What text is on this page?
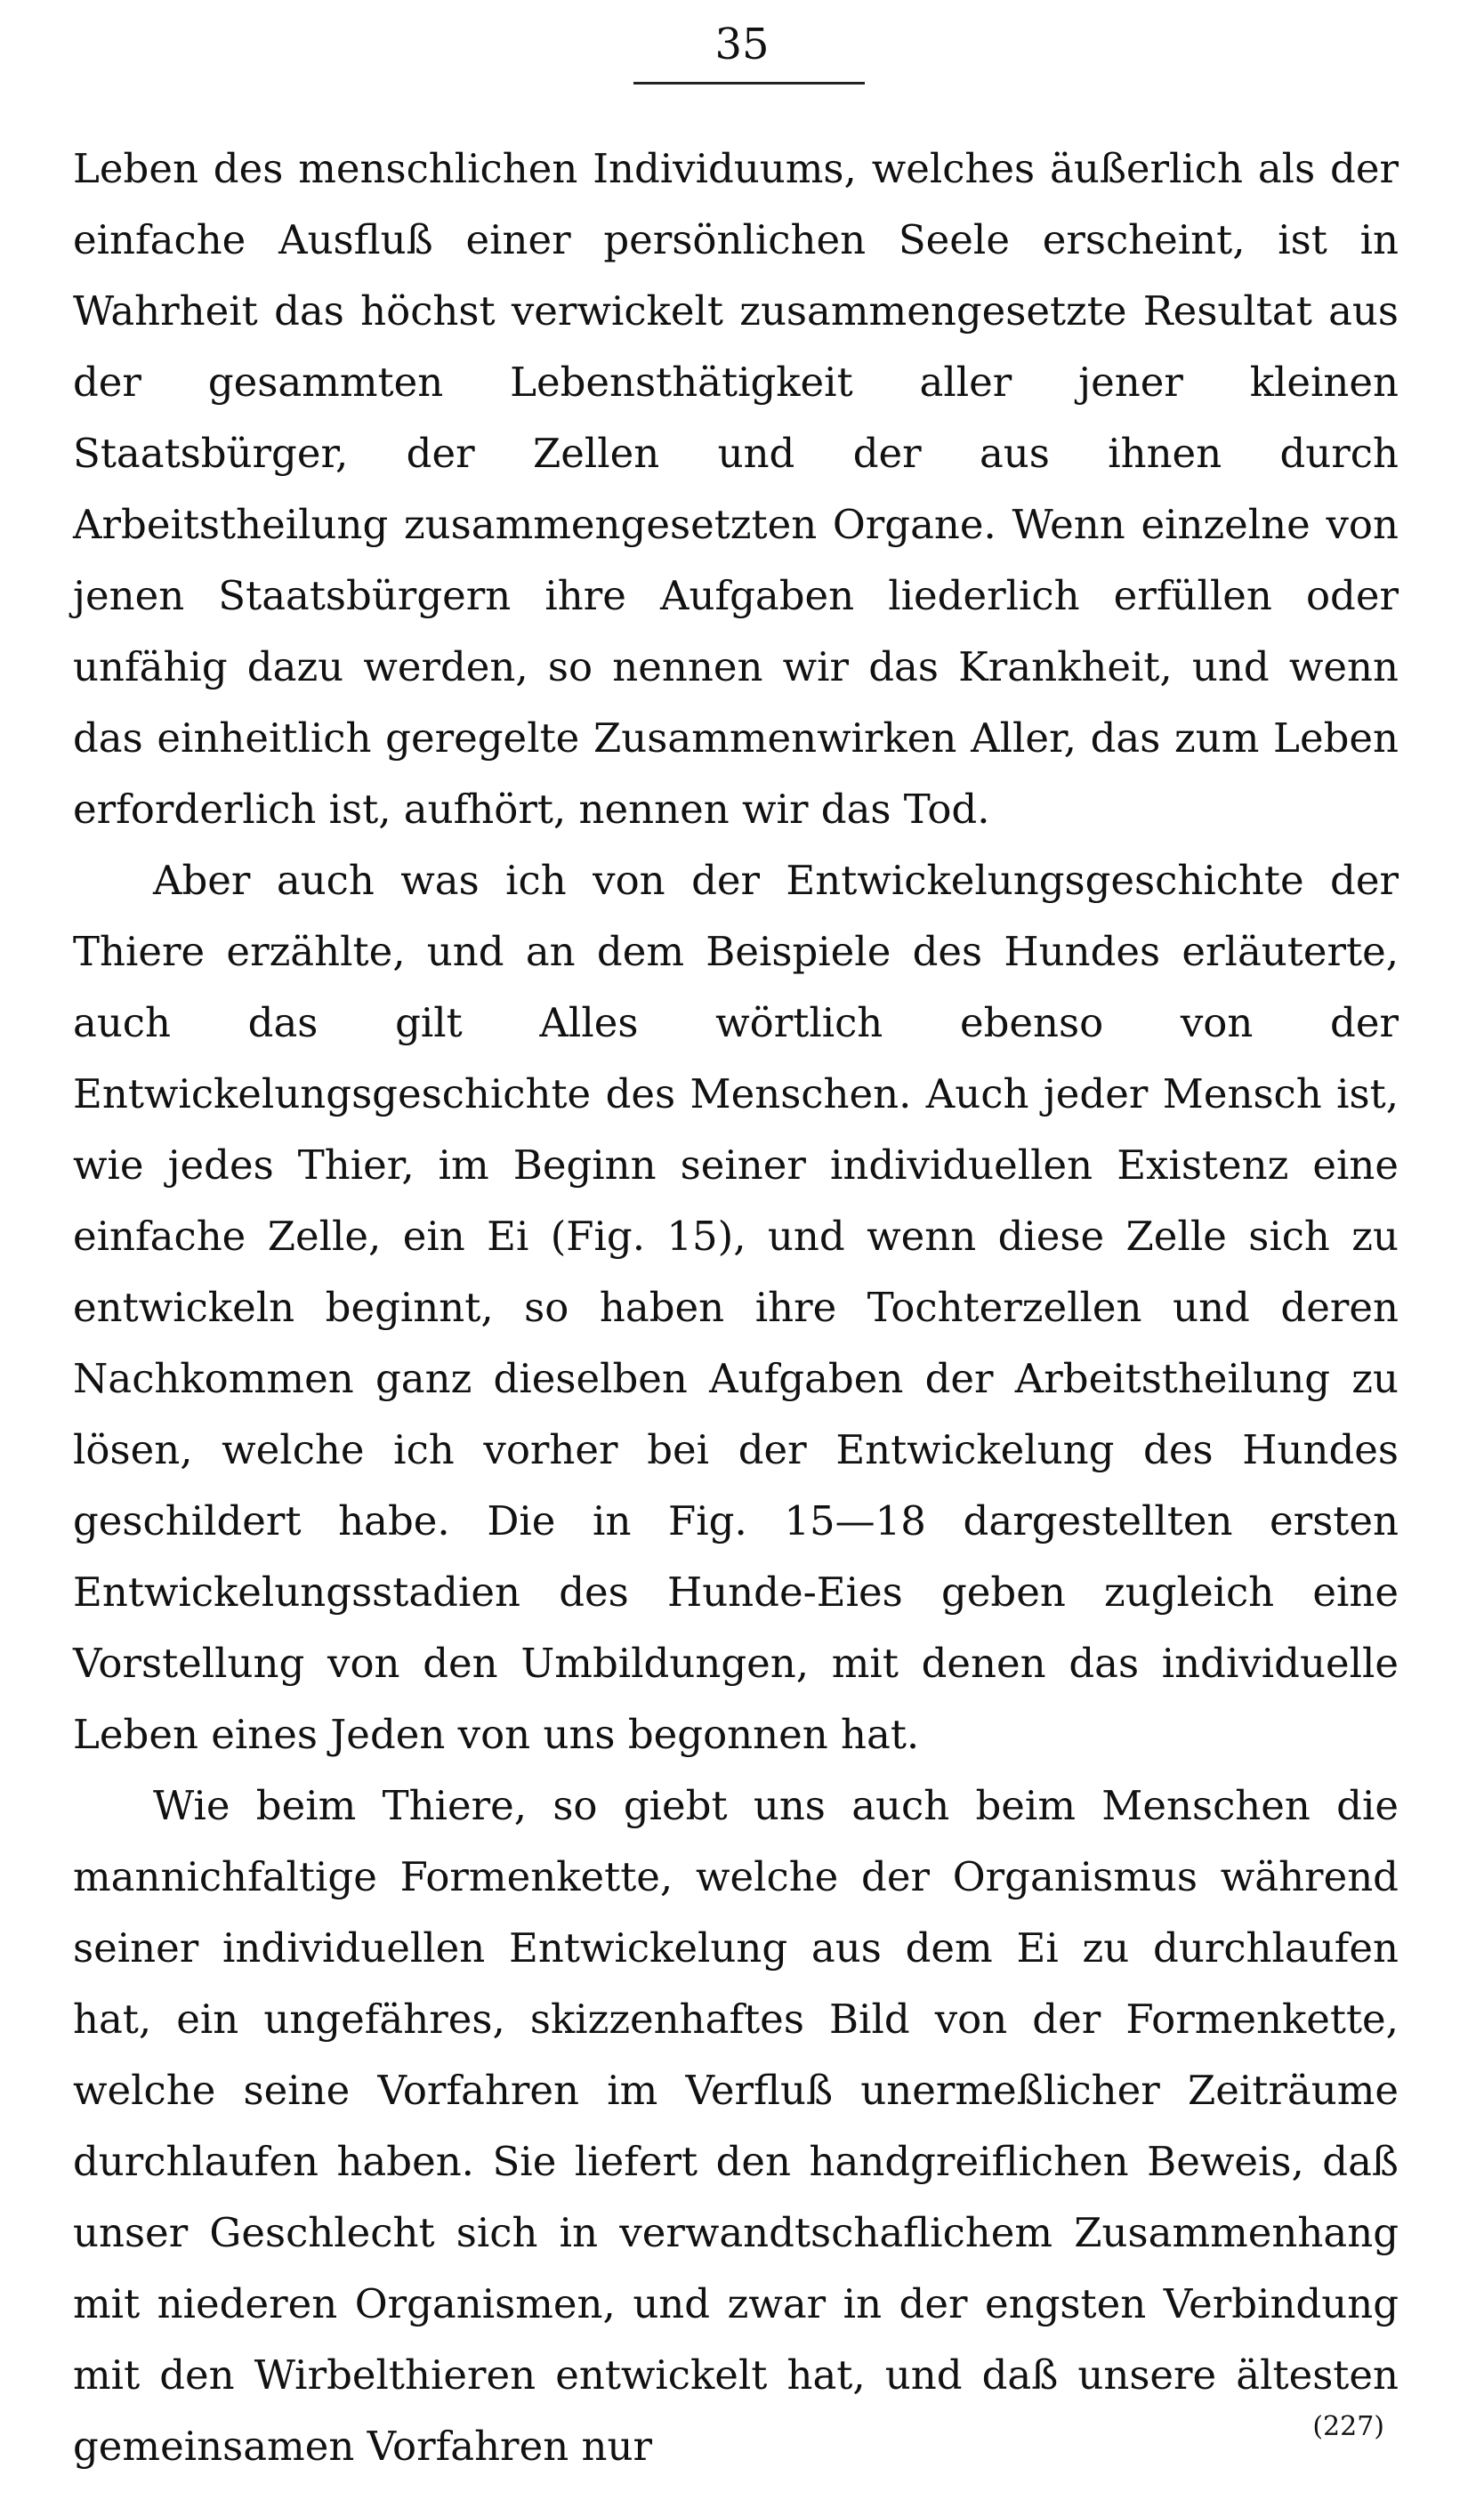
35

Leben des menschlichen Individuums, welches äußerlich als der einfache Ausfluß einer persönlichen Seele erscheint, ist in Wahrheit das höchst verwickelt zusammengesetzte Resultat aus der gesammten Lebensthätigkeit aller jener kleinen Staatsbürger, der Zellen und der aus ihnen durch Arbeitstheilung zusammengesetzten Organe. Wenn einzelne von jenen Staatsbürgern ihre Aufgaben liederlich erfüllen oder unfähig dazu werden, so nennen wir das Krankheit, und wenn das einheitlich geregelte Zusammenwirken Aller, das zum Leben erforderlich ist, aufhört, nennen wir das Tod.

Aber auch was ich von der Entwickelungsgeschichte der Thiere erzählte, und an dem Beispiele des Hundes erläuterte, auch das gilt Alles wörtlich ebenso von der Entwickelungsgeschichte des Menschen. Auch jeder Mensch ist, wie jedes Thier, im Beginn seiner individuellen Existenz eine einfache Zelle, ein Ei (Fig. 15), und wenn diese Zelle sich zu entwickeln beginnt, so haben ihre Tochterzellen und deren Nachkommen ganz dieselben Aufgaben der Arbeitstheilung zu lösen, welche ich vorher bei der Entwickelung des Hundes geschildert habe. Die in Fig. 15—18 dargestellten ersten Entwickelungsstadien des Hunde-Eies geben zugleich eine Vorstellung von den Umbildungen, mit denen das individuelle Leben eines Jeden von uns begonnen hat.

Wie beim Thiere, so giebt uns auch beim Menschen die mannichfaltige Formenkette, welche der Organismus während seiner individuellen Entwickelung aus dem Ei zu durchlaufen hat, ein ungefähres, skizzenhaftes Bild von der Formenkette, welche seine Vorfahren im Verfluß unermeßlicher Zeiträume durchlaufen haben. Sie liefert den handgreiflichen Beweis, daß unser Geschlecht sich in verwandtschaflichem Zusammenhang mit niederen Organismen, und zwar in der engsten Verbindung mit den Wirbelthieren entwickelt hat, und daß unsere ältesten gemeinsamen Vorfahren nur	(227)
